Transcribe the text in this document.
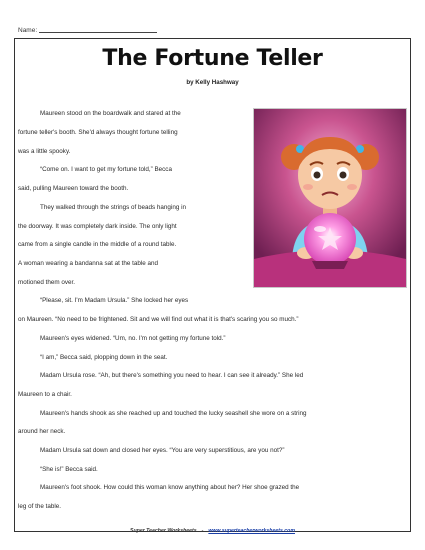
Name:
The Fortune Teller
by Kelly Hashway

Maureen stood on the boardwalk and stared at the

fortune teller's booth. She'd always thought fortune telling

was a little spooky.

“Come on. I want to get my fortune told,” Becca

said, pulling Maureen toward the booth.

They walked through the strings of beads hanging in

the doorway. It was completely dark inside. The only light

came from a single candle in the middle of a round table.

A woman wearing a bandanna sat at the table and

motioned them over.

“Please, sit. I'm Madam Ursula.” She locked her eyes

on Maureen. “No need to be frightened. Sit and we will find out what it is that's scaring you so much.”

Maureen's eyes widened. “Um, no. I'm not getting my fortune told.”

“I am,” Becca said, plopping down in the seat.

Madam Ursula rose. “Ah, but there's something you need to hear. I can see it already.” She led

Maureen to a chair.

Maureen's hands shook as she reached up and touched the lucky seashell she wore on a string

around her neck.

Madam Ursula sat down and closed her eyes. “You are very superstitious, are you not?”

“She is!” Becca said.

Maureen's foot shook. How could this woman know anything about her? Her shoe grazed the

leg of the table.

Super Teacher Worksheets - www.superteacherworksheets.com
